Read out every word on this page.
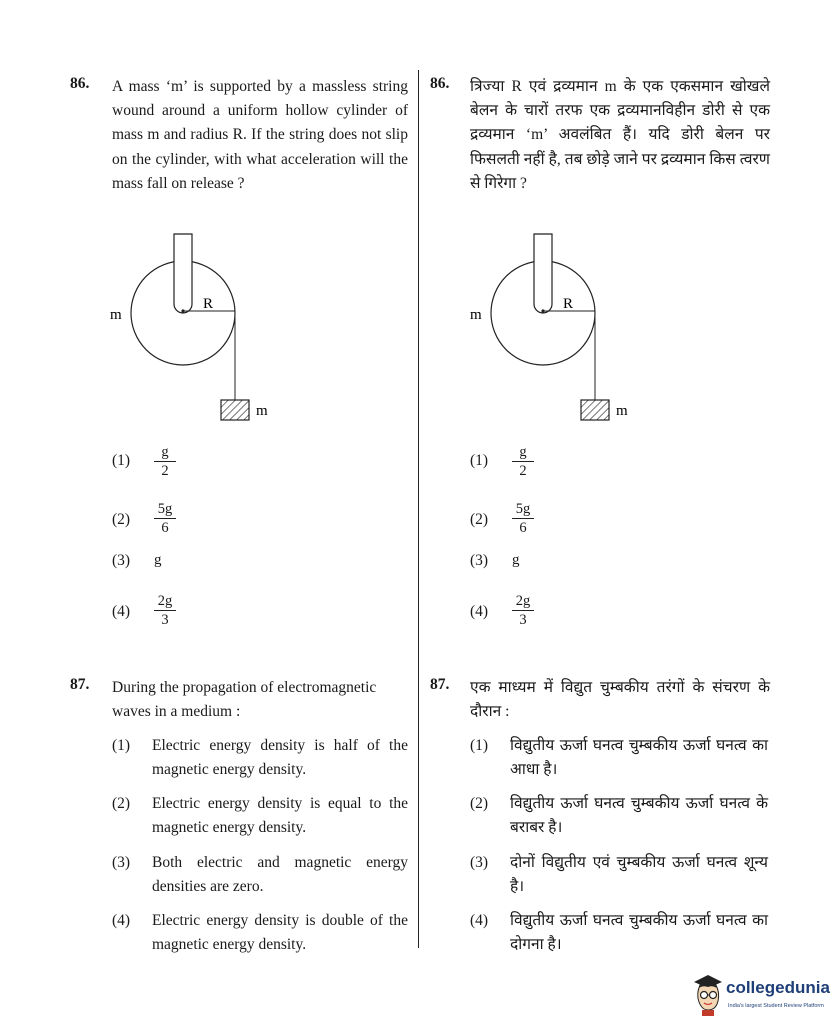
86. A mass ‘m’ is supported by a massless string wound around a uniform hollow cylinder of mass m and radius R. If the string does not slip on the cylinder, with what acceleration will the mass fall on release ?
m
R
m
$(1) \frac{g}{2}$
$(2) \frac{5g}{6}$
(3) g
$(4) \frac{2g}{3}$
87. During the propagation of electromagnetic waves in a medium :
(1) Electric energy density is half of the magnetic energy density.
(2) Electric energy density is equal to the magnetic energy density.
(3) Both electric and magnetic energy densities are zero.
(4) Electric energy density is double of the magnetic energy density.
86. त्रिज्या R एवं द्रव्यमान m के एक एकसमान खोखले बेलन के चारों तरफ एक द्रव्यमानविहीन डोरी से एक द्रव्यमान ‘m’ अवलंबित हैं। यदि डोरी बेलन पर फिसलती नहीं है, तब छोड़े जाने पर द्रव्यमान किस त्वरण से गिरेगा ?
m
R
m
$(1) \frac{g}{2}$
$(2) \frac{5g}{6}$
(3) g
$(4) \frac{2g}{3}$
87. एक माध्यम में विद्युत चुम्बकीय तरंगों के संचरण के दौरान :
(1) विद्युतीय ऊर्जा घनत्व चुम्बकीय ऊर्जा घनत्व का आधा है।
(2) विद्युतीय ऊर्जा घनत्व चुम्बकीय ऊर्जा घनत्व के बराबर है।
(3) दोनों विद्युतीय एवं चुम्बकीय ऊर्जा घनत्व शून्य है।
(4) विद्युतीय ऊर्जा घनत्व चुम्बकीय ऊर्जा घनत्व का दोगना है।
collegedunia
India's largest Student Review Platform
